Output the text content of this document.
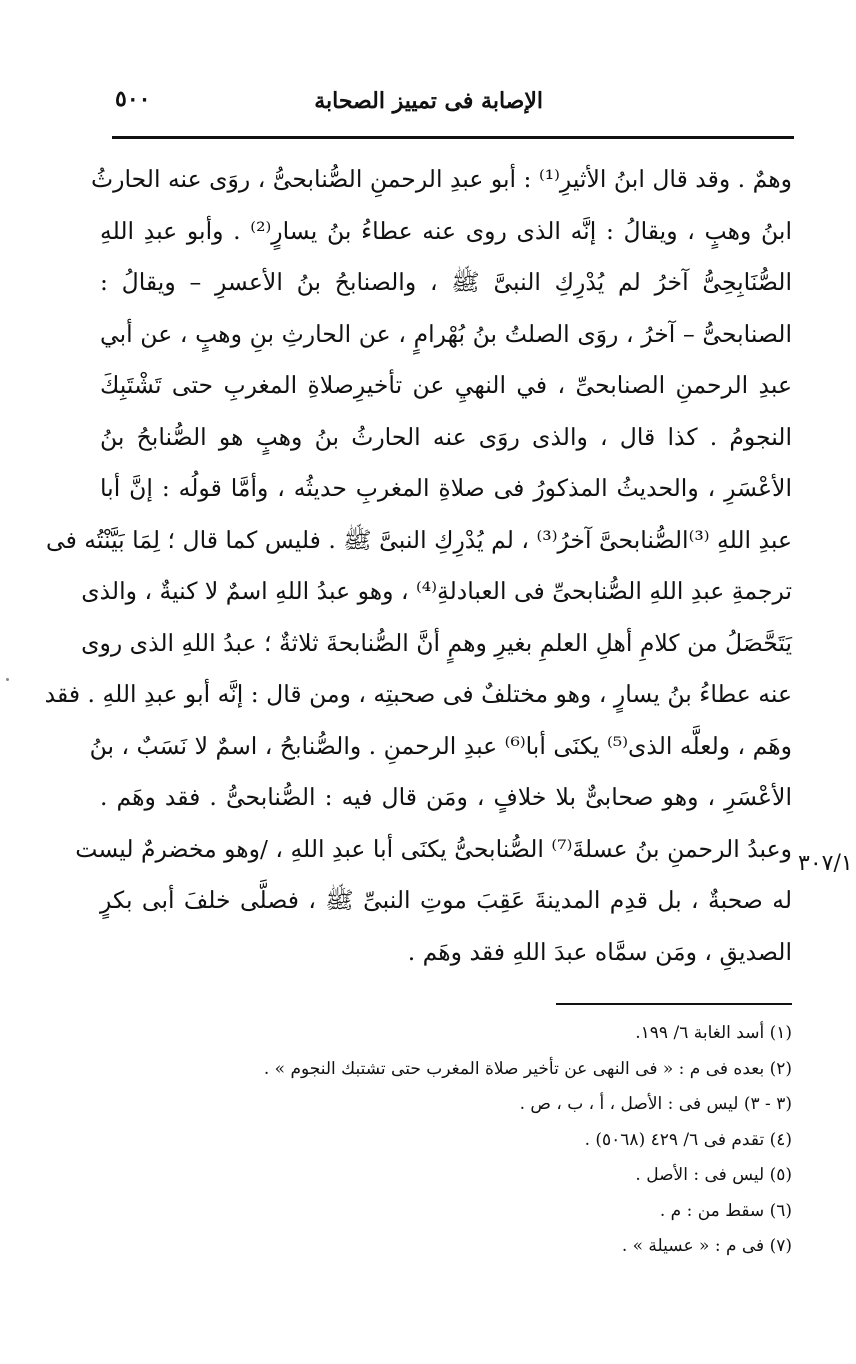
الإصابة فى تمييز الصحابة
٥٠٠
وهمٌ . وقد قال ابنُ الأثيرِ⁽¹⁾ : أبو عبدِ الرحمنِ الصُّنابحىُّ ، روَى عنه الحارثُ
ابنُ وهبٍ ، ويقالُ : إنَّه الذى روى عنه عطاءُ بنُ يسارٍ⁽²⁾ . وأبو عبدِ اللهِ
الصُّنَابِحِىُّ آخرُ لم يُدْرِكِ النبىَّ ﷺ ، والصنابحُ بنُ الأعسرِ – ويقالُ :
الصنابحىُّ – آخرُ ، روَى الصلتُ بنُ بُهْرامٍ ، عن الحارثِ بنِ وهبٍ ، عن أبي
عبدِ الرحمنِ الصنابحىِّ ، في النهيِ عن تأخيرِصلاةِ المغربِ حتى تَشْتَبِكَ
النجومُ . كذا قال ، والذى روَى عنه الحارثُ بنُ وهبٍ هو الصُّنابحُ بنُ
الأعْسَرِ ، والحديثُ المذكورُ فى صلاةِ المغربِ حديثُه ، وأمَّا قولُه : إنَّ أبا
عبدِ اللهِ ⁽³⁾الصُّنابحىَّ آخرُ⁽³⁾ ، لم يُدْرِكِ النبىَّ ﷺ . فليس كما قال ؛ لِمَا بَيَّنْتُه فى
ترجمةِ عبدِ اللهِ الصُّنابحىِّ فى العبادلةِ⁽⁴⁾ ، وهو عبدُ اللهِ اسمٌ لا كنيةٌ ، والذى
يَتَحَّصَلُ من كلامِ أهلِ العلمِ بغيرِ وهمٍ أنَّ الصُّنابحةَ ثلاثةٌ ؛ عبدُ اللهِ الذى روى
عنه عطاءُ بنُ يسارٍ ، وهو مختلفٌ فى صحبتِه ، ومن قال : إنَّه أبو عبدِ اللهِ . فقد
وهَم ، ولعلَّه الذى⁽⁵⁾ يكنَى أبا⁽⁶⁾ عبدِ الرحمنِ . والصُّنابحُ ، اسمٌ لا نَسَبٌ ، بنُ
الأعْسَرِ ، وهو صحابىٌّ بلا خلافٍ ، ومَن قال فيه : الصُّنابحىُّ . فقد وهَم .
وعبدُ الرحمنِ بنُ عسلةَ⁽⁷⁾ الصُّنابحىُّ يكنَى أبا عبدِ اللهِ ، /وهو مخضرمٌ ليست
له صحبةٌ ، بل قدِم المدينةَ عَقِبَ موتِ النبىِّ ﷺ ، فصلَّى خلفَ أبى بكرٍ
الصديقِ ، ومَن سمَّاه عبدَ اللهِ فقد وهَم .
٣٠٧/١
(١) أسد الغابة ٦/ ١٩٩.
(٢) بعده فى م : « فى النهى عن تأخير صلاة المغرب حتى تشتبك النجوم » .
(٣ - ٣) ليس فى : الأصل ، أ ، ب ، ص .
(٤) تقدم فى ٦/ ٤٢٩ (٥٠٦٨) .
(٥) ليس فى : الأصل .
(٦) سقط من : م .
(٧) فى م : « عسيلة » .
